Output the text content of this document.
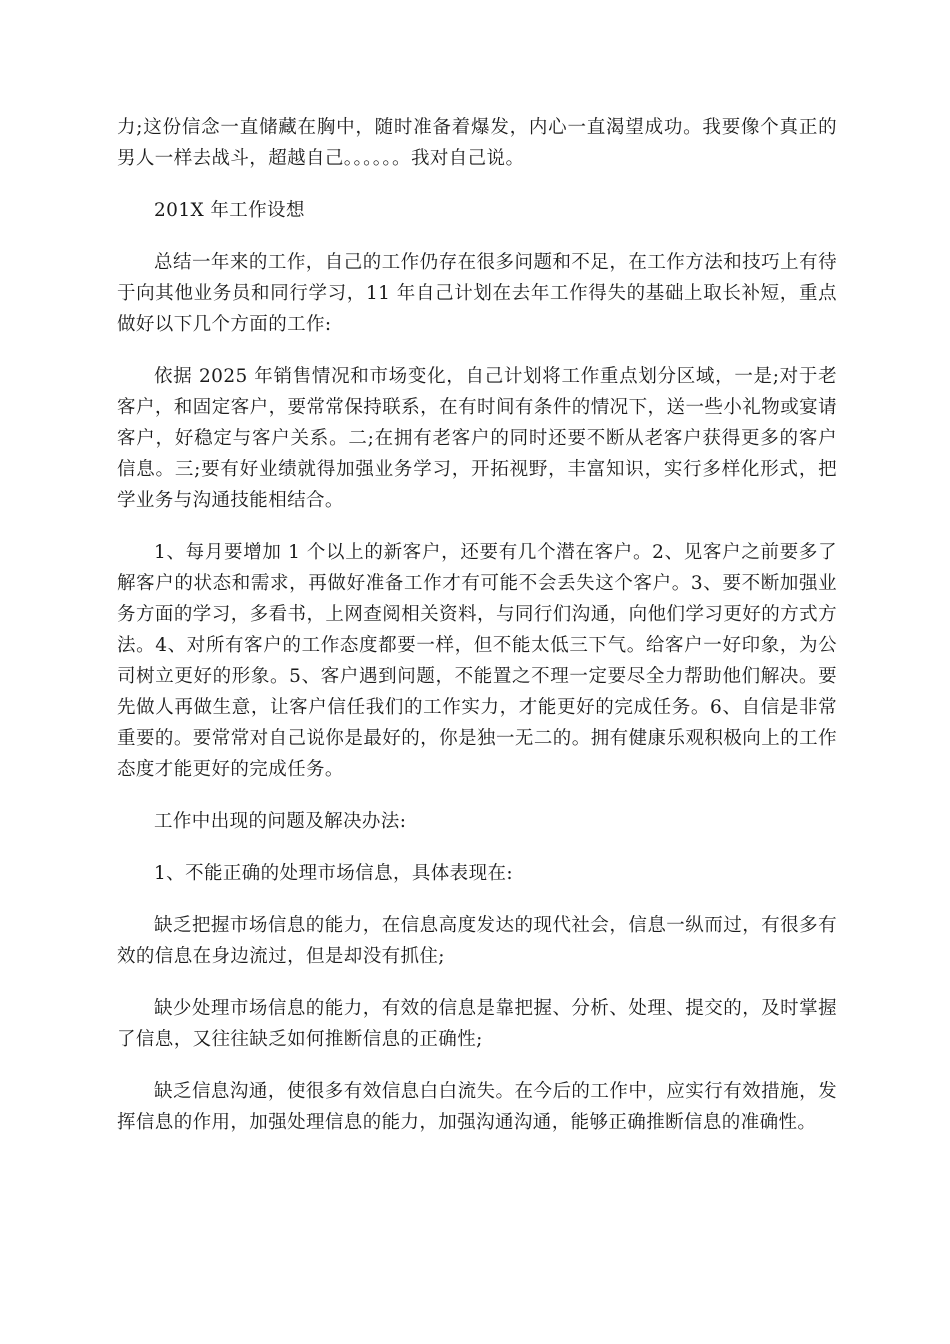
力;这份信念一直储藏在胸中，随时准备着爆发，内心一直渴望成功。我要像个真正的男人一样去战斗，超越自己。。。。。。我对自己说。

201X 年工作设想

总结一年来的工作，自己的工作仍存在很多问题和不足，在工作方法和技巧上有待于向其他业务员和同行学习，11 年自己计划在去年工作得失的基础上取长补短，重点做好以下几个方面的工作:

依据 2025 年销售情况和市场变化，自己计划将工作重点划分区域，一是;对于老客户，和固定客户，要常常保持联系，在有时间有条件的情况下，送一些小礼物或宴请客户，好稳定与客户关系。二;在拥有老客户的同时还要不断从老客户获得更多的客户信息。三;要有好业绩就得加强业务学习，开拓视野，丰富知识，实行多样化形式，把学业务与沟通技能相结合。

1、每月要增加 1 个以上的新客户，还要有几个潜在客户。2、见客户之前要多了解客户的状态和需求，再做好准备工作才有可能不会丢失这个客户。3、要不断加强业务方面的学习，多看书，上网查阅相关资料，与同行们沟通，向他们学习更好的方式方法。4、对所有客户的工作态度都要一样，但不能太低三下气。给客户一好印象，为公司树立更好的形象。5、客户遇到问题，不能置之不理一定要尽全力帮助他们解决。要先做人再做生意，让客户信任我们的工作实力，才能更好的完成任务。6、自信是非常重要的。要常常对自己说你是最好的，你是独一无二的。拥有健康乐观积极向上的工作态度才能更好的完成任务。

工作中出现的问题及解决办法:

1、不能正确的处理市场信息，具体表现在:

缺乏把握市场信息的能力，在信息高度发达的现代社会，信息一纵而过，有很多有效的信息在身边流过，但是却没有抓住;

缺少处理市场信息的能力，有效的信息是靠把握、分析、处理、提交的，及时掌握了信息，又往往缺乏如何推断信息的正确性;

缺乏信息沟通，使很多有效信息白白流失。在今后的工作中，应实行有效措施，发挥信息的作用，加强处理信息的能力，加强沟通沟通，能够正确推断信息的准确性。
